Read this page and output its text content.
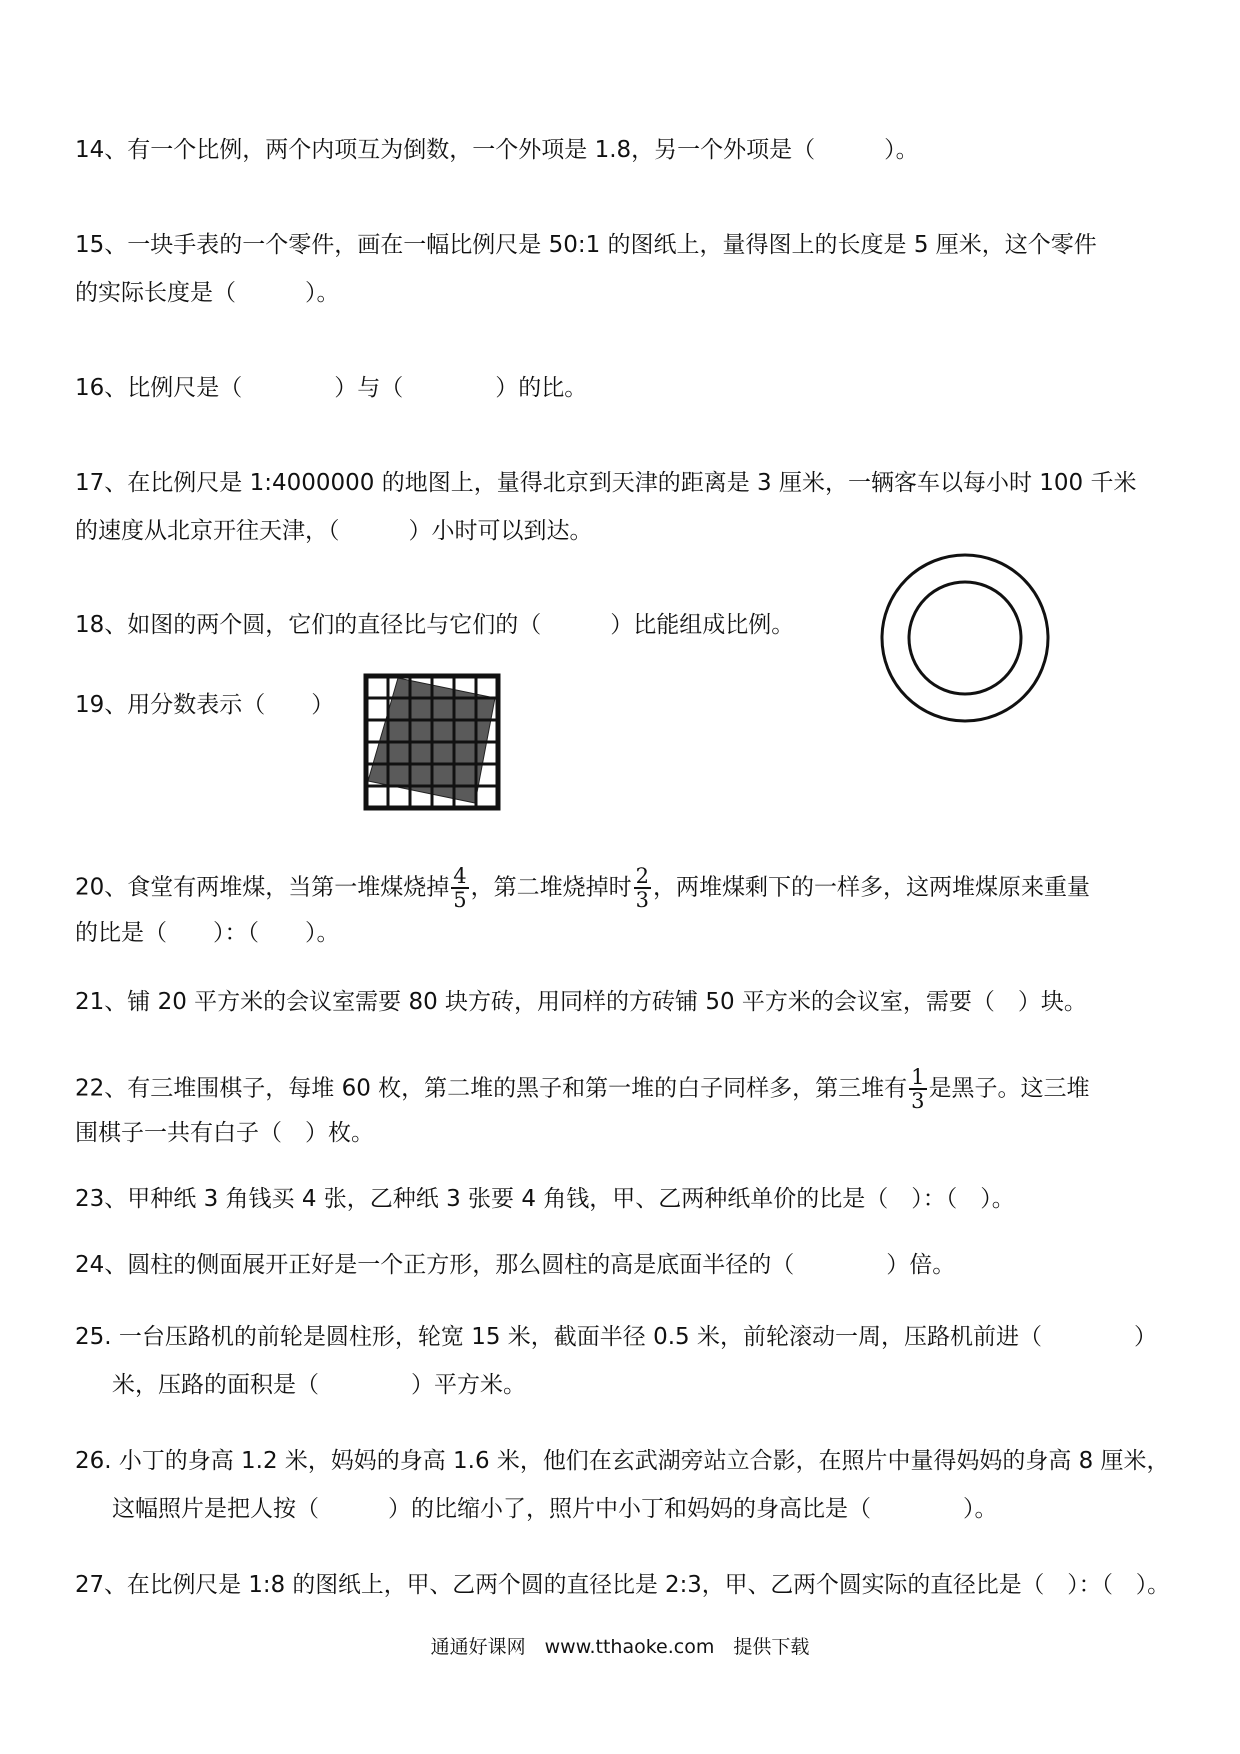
14、有一个比例，两个内项互为倒数，一个外项是 1.8，另一个外项是（　　　）。
15、一块手表的一个零件，画在一幅比例尺是 50:1 的图纸上，量得图上的长度是 5 厘米，这个零件
的实际长度是（　　　）。
16、比例尺是（　　　　）与（　　　　）的比。
17、在比例尺是 1:4000000 的地图上，量得北京到天津的距离是 3 厘米，一辆客车以每小时 100 千米
的速度从北京开往天津，（　　　）小时可以到达。
18、如图的两个圆，它们的直径比与它们的（　　　）比能组成比例。
19、用分数表示（　　）
20、食堂有两堆煤，当第一堆煤烧掉 $\frac{4}{5}$ ，第二堆烧掉时 $\frac{2}{3}$ ，两堆煤剩下的一样多，这两堆煤原来重量
的比是（　　）：（　　）。
21、铺 20 平方米的会议室需要 80 块方砖，用同样的方砖铺 50 平方米的会议室，需要（　）块。
22、有三堆围棋子，每堆 60 枚，第二堆的黑子和第一堆的白子同样多，第三堆有 $\frac{1}{3}$ 是黑子。这三堆
围棋子一共有白子（　）枚。
23、甲种纸 3 角钱买 4 张，乙种纸 3 张要 4 角钱，甲、乙两种纸单价的比是（　）：（　）。
24、圆柱的侧面展开正好是一个正方形，那么圆柱的高是底面半径的（　　　　）倍。
25. 一台压路机的前轮是圆柱形，轮宽 15 米，截面半径 0.5 米，前轮滚动一周，压路机前进（　　　　）
米，压路的面积是（　　　　）平方米。
26. 小丁的身高 1.2 米，妈妈的身高 1.6 米，他们在玄武湖旁站立合影，在照片中量得妈妈的身高 8 厘米，
这幅照片是把人按（　　　）的比缩小了，照片中小丁和妈妈的身高比是（　　　　）。
27、在比例尺是 1:8 的图纸上，甲、乙两个圆的直径比是 2:3，甲、乙两个圆实际的直径比是（　）：（　）。
通通好课网　www.tthaoke.com　提供下载
